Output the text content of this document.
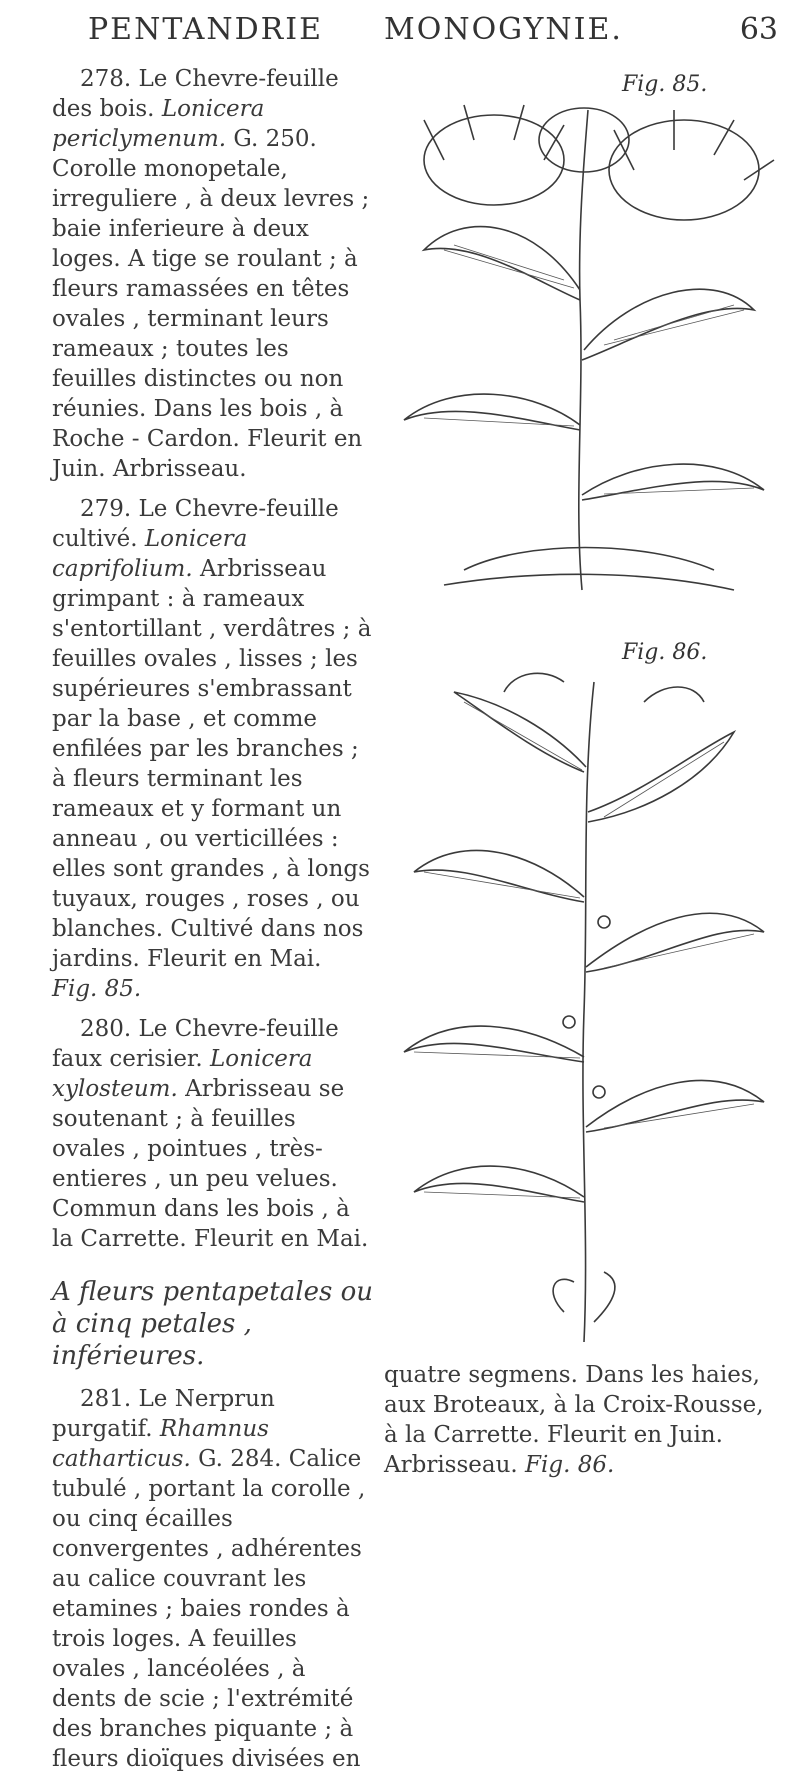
PENTANDRIE MONOGYNIE.	63

278. Le Chevre-feuille des bois. Lonicera periclymenum. G. 250. Corolle monopetale, irreguliere , à deux levres ; baie inferieure à deux loges. A tige se roulant ; à fleurs ramassées en têtes ovales , terminant leurs rameaux ; toutes les feuilles distinctes ou non réunies. Dans les bois , à Roche - Cardon. Fleurit en Juin. Arbrisseau.

279. Le Chevre-feuille cultivé. Lonicera caprifolium. Arbrisseau grimpant : à rameaux s'entortillant , verdâtres ; à feuilles ovales , lisses ; les supérieures s'embrassant par la base , et comme enfilées par les branches ; à fleurs terminant les rameaux et y formant un anneau , ou verticillées : elles sont grandes , à longs tuyaux, rouges , roses , ou blanches. Cultivé dans nos jardins. Fleurit en Mai. Fig. 85.

280. Le Chevre-feuille faux cerisier. Lonicera xylosteum. Arbrisseau se soutenant ; à feuilles ovales , pointues , très-entieres , un peu velues. Commun dans les bois , à la Carrette. Fleurit en Mai.

A fleurs pentapetales ou à cinq petales , inférieures.

281. Le Nerprun purgatif. Rhamnus catharticus. G. 284. Calice tubulé , portant la corolle , ou cinq écailles convergentes , adhérentes au calice couvrant les etamines ; baies rondes à trois loges. A feuilles ovales , lancéolées , à dents de scie ; l'extrémité des branches piquante ; à fleurs dioïques divisées en

Fig. 85.
Fig. 86.
quatre segmens. Dans les haies, aux Broteaux, à la Croix-Rousse, à la Carrette. Fleurit en Juin. Arbrisseau. Fig. 86.
